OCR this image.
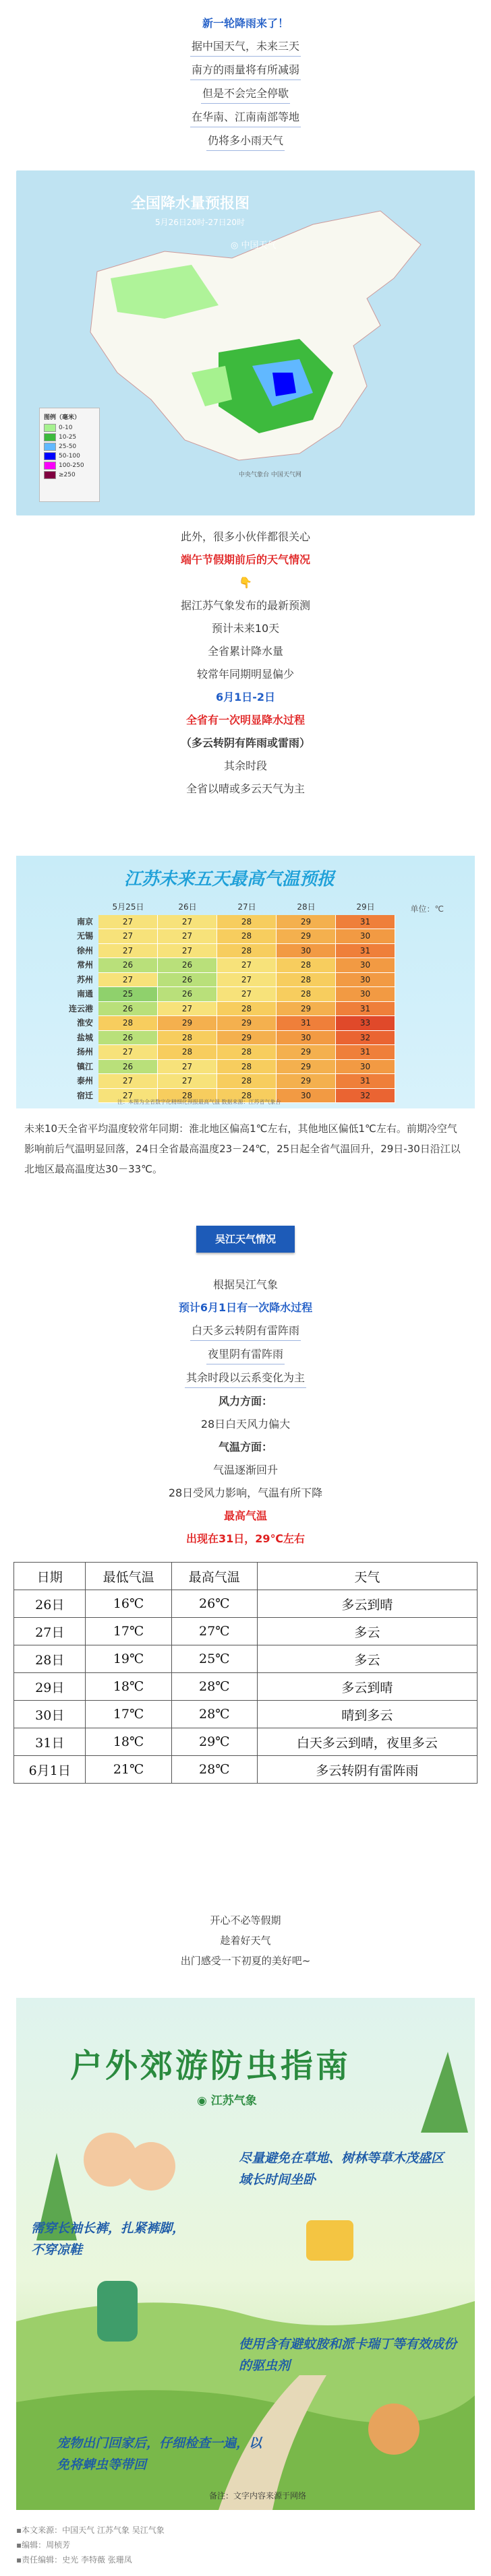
新一轮降雨来了！
据中国天气，未来三天
南方的雨量将有所减弱
但是不会完全停歇
在华南、江南南部等地
仍将多小雨天气
全国降水量预报图
5月26日20时-27日20时
◎ 中国天气
图例（毫米）
0-10
10-25
25-50
50-100
100-250
≥250	中央气象台 中国天气网
此外，很多小伙伴都很关心
端午节假期前后的天气情况
👇
据江苏气象发布的最新预测
预计未来10天
全省累计降水量
较常年同期明显偏少
6月1日-2日
全省有一次明显降水过程
（多云转阴有阵雨或雷雨）
其余时段
全省以晴或多云天气为主
江苏未来五天最高气温预报
单位：℃
5月25日	26日	27日	28日	29日
南京	27	27	28	29	31
无锡	27	27	28	29	30
徐州	27	27	28	30	31
常州	26	26	27	28	30
苏州	27	26	27	28	30
南通	25	26	27	28	30
连云港	26	27	28	29	31
淮安	28	29	29	31	33
盐城	26	28	29	30	32
扬州	27	28	28	29	31
镇江	26	27	28	29	30
泰州	27	27	28	29	31
宿迁	27	28	28	30	32
注：本图为全省数字化精细化预报最高气温 数据来源：江苏省气象台
未来10天全省平均温度较常年同期：淮北地区偏高1℃左右，其他地区偏低1℃左右。前期冷空气影响前后气温明显回落，24日全省最高温度23－24℃，25日起全省气温回升，29日-30日沿江以北地区最高温度达30－33℃。
吴江天气情况
根据吴江气象
预计6月1日有一次降水过程
白天多云转阴有雷阵雨
夜里阴有雷阵雨
其余时段以云系变化为主
风力方面：
28日白天风力偏大
气温方面：
气温逐渐回升
28日受风力影响，气温有所下降
最高气温
出现在31日，29℃左右
日期	最低气温	最高气温	天气
26日	16℃	26℃	多云到晴
27日	17℃	27℃	多云
28日	19℃	25℃	多云
29日	18℃	28℃	多云到晴
30日	17℃	28℃	晴到多云
31日	18℃	29℃	白天多云到晴，夜里多云
6月1日	21℃	28℃	多云转阴有雷阵雨
开心不必等假期
趁着好天气
出门感受一下初夏的美好吧~
户外郊游防虫指南
◉ 江苏气象
尽量避免在草地、树林等草木茂盛区域长时间坐卧
需穿长袖长裤，扎紧裤脚，不穿凉鞋
使用含有避蚊胺和派卡瑞丁等有效成份的驱虫剂
宠物出门回家后，仔细检查一遍，以免将蜱虫等带回
备注：文字内容来源于网络
▪本文来源：中国天气 江苏气象 吴江气象
▪编辑：周桢芳
▪责任编辑：史光 李特薇 张珊凤
